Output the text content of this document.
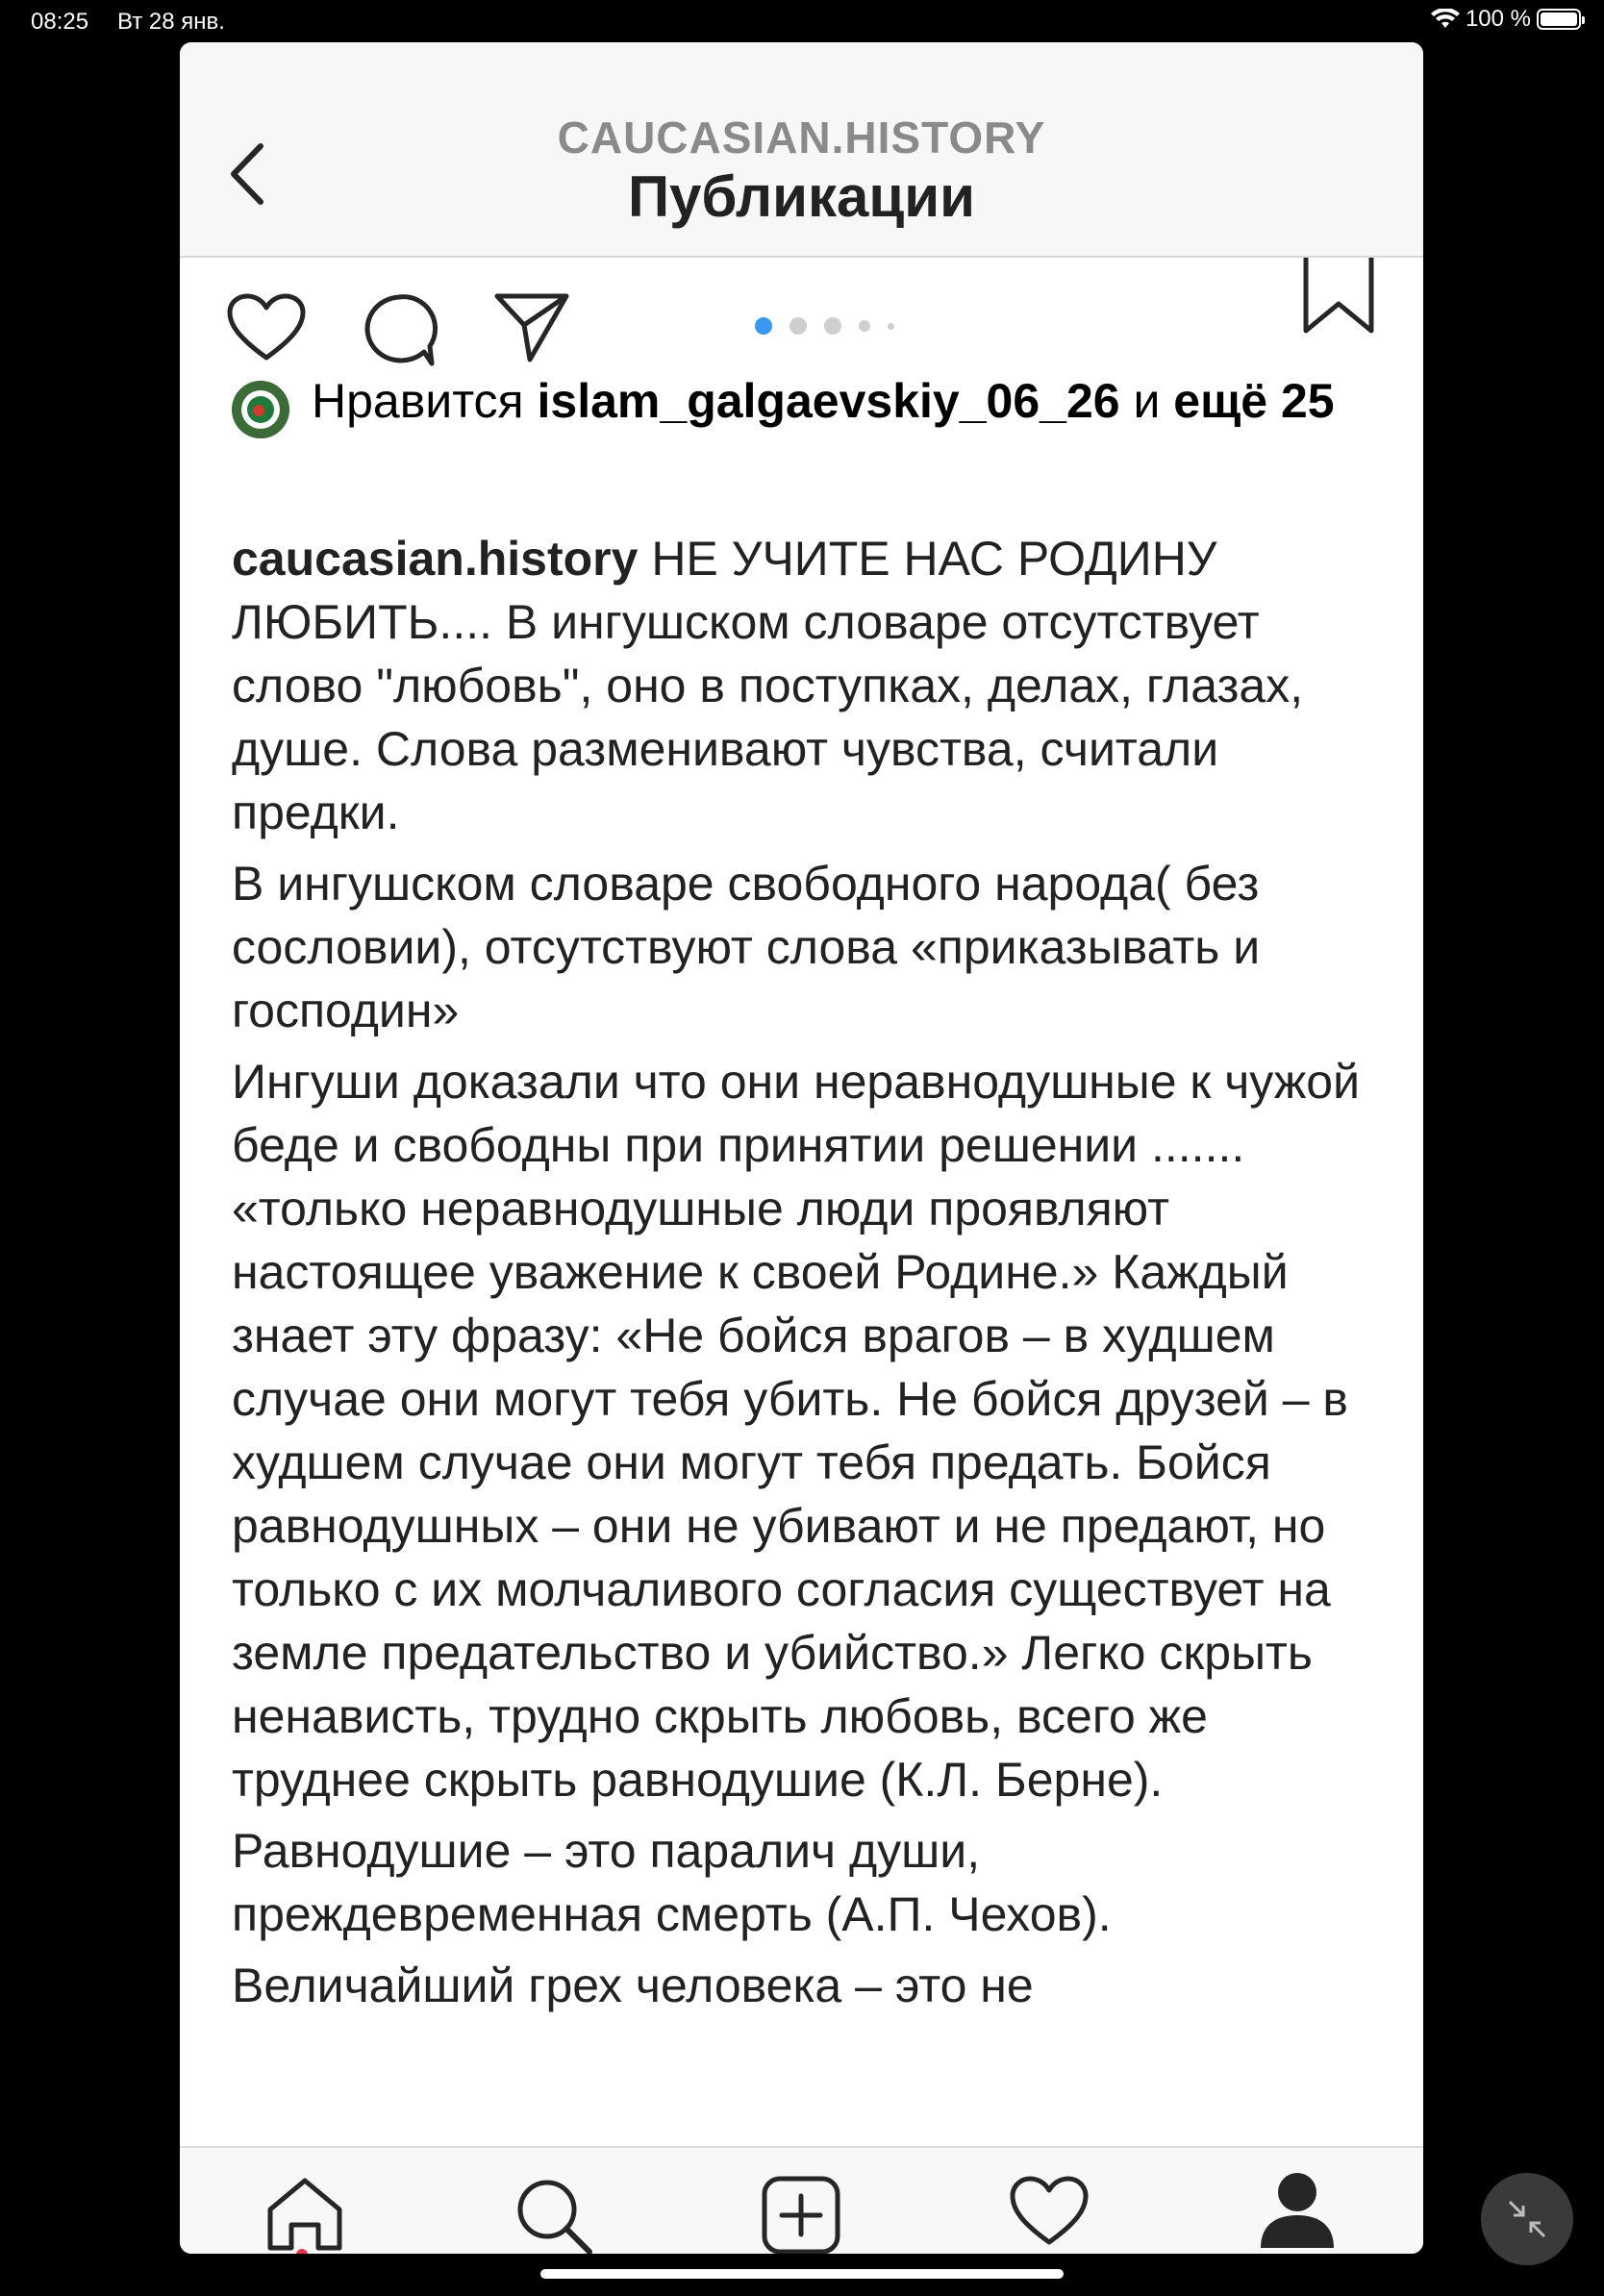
08:25 Вт 28 янв.	100 %
CAUCASIAN.HISTORY
Публикации
Нравится islam_galgaevskiy_06_26 и ещё 25

caucasian.history НЕ УЧИТЕ НАС РОДИНУ ЛЮБИТЬ.... В ингушском словаре отсутствует слово "любовь", оно в поступках, делах, глазах, душе. Слова разменивают чувства, считали предки.

В ингушском словаре свободного народа( без сословии), отсутствуют слова «приказывать и господин»

Ингуши доказали что они неравнодушные к чужой беде и свободны при принятии решении ....... «только неравнодушные люди проявляют настоящее уважение к своей Родине.» Каждый знает эту фразу: «Не бойся врагов – в худшем случае они могут тебя убить. Не бойся друзей – в худшем случае они могут тебя предать. Бойся равнодушных – они не убивают и не предают, но только с их молчаливого согласия существует на земле предательство и убийство.» Легко скрыть ненависть, трудно скрыть любовь, всего же труднее скрыть равнодушие (К.Л. Берне).

Равнодушие – это паралич души, преждевременная смерть (А.П. Чехов).

Величайший грех человека – это не
